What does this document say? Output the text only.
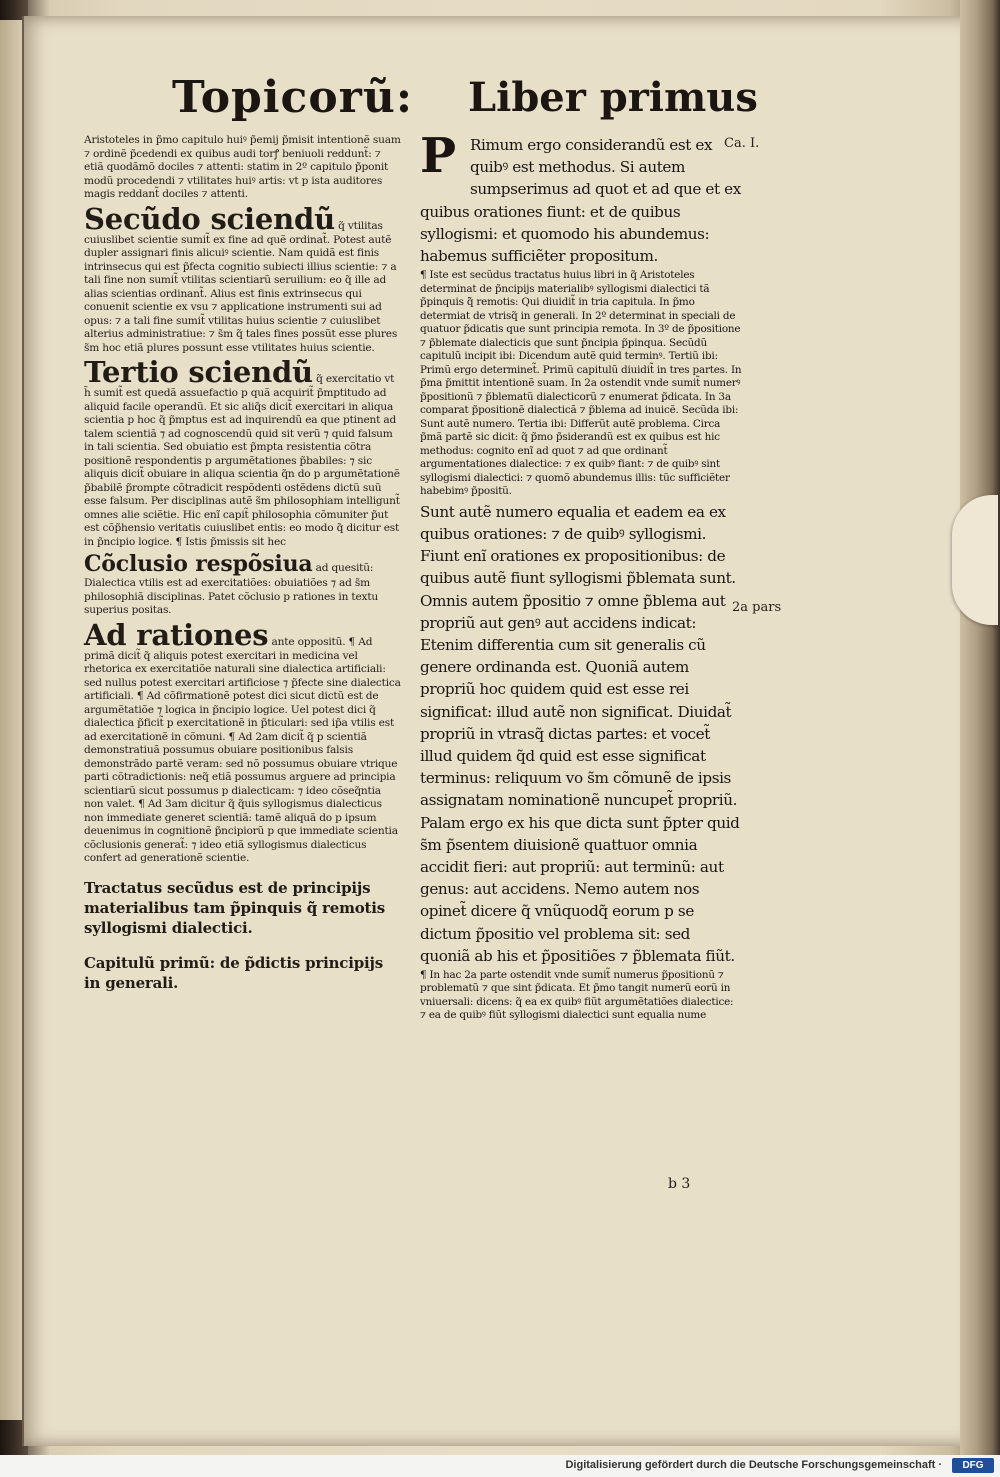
Topicorũ: Liber primus

Aristoteles in p̃mo capitulo huiꝰ p̃emij p̃misit intentionẽ suam ⁊ ordinẽ p̃cedendi ex quibus audi torꝭ beniuoli reddunt̃: ⁊ etiã quodãmõ dociles ⁊ attenti: statim in 2º capitulo p̃ponit modũ procedendi ⁊ vtilitates huiꝰ artis: vt p ista auditores magis reddant̃ dociles ⁊ attenti.

Secũdo sciendũ q̃ vtilitas cuiuslibet scientie sumit̃ ex fine ad quẽ ordinat̃. Potest autẽ dupler assignari finis alicuiꝰ scientie. Nam quidã est finis intrinsecus qui est p̃fecta cognitio subiecti illius scientie: ⁊ a tali fine non sumit̃ vtilitas scientiarũ seruilium: eo q̃ ille ad alias scientias ordinant̃. Alius est finis extrinsecus qui conuenit scientie ex vsu ⁊ applicatione instrumenti sui ad opus: ⁊ a tali fine sumit̃ vtilitas huius scientie ⁊ cuiuslibet alterius administratiue: ⁊ s̃m q̃ tales fines possũt esse plures s̃m hoc etiã plures possunt esse vtilitates huius scientie.

Tertio sciendũ q̃ exercitatio vt h̃ sumit̃ est quedã assuefactio p quã acquirit̃ p̃mptitudo ad aliquid facile operandũ. Et sic aliq̃s dicit̃ exercitari in aliqua scientia p hoc q̃ p̃mptus est ad inquirendũ ea que ptinent ad talem scientiã ⁊ ad cognoscendũ quid sit verũ ⁊ quid falsum in tali scientia. Sed obuiatio est p̃mpta resistentia cõtra positionẽ respondentis p argumẽtationes p̃babiles: ⁊ sic aliquis dicit̃ obuiare in aliqua scientia q̃n do p argumẽtationẽ p̃babilẽ p̃rompte cõtradicit respõdenti ostẽdens dictũ suũ esse falsum. Per disciplinas autẽ s̃m philosophiam intelligunt̃ omnes alie sciẽtie. Hic enĩ capit̃ philosophia cõmuniter p̃ut est cõp̃hensio veritatis cuiuslibet entis: eo modo q̃ dicitur est in p̃ncipio logice. ¶ Istis p̃missis sit hec

Cõclusio respõsiua ad quesitũ: Dialectica vtilis est ad exercitatiões: obuiatiões ⁊ ad s̃m philosophiã disciplinas. Patet cõclusio p rationes in textu superius positas.

Ad rationes ante oppositũ. ¶ Ad primã dicit̃ q̃ aliquis potest exercitari in medicina vel rhetorica ex exercitatiõe naturali sine dialectica artificiali: sed nullus potest exercitari artificiose ⁊ p̃fecte sine dialectica artificiali. ¶ Ad cõfirmationẽ potest dici sicut dictũ est de argumẽtatiõe ⁊ logica in p̃ncipio logice. Uel potest dici q̃ dialectica p̃ficit̃ p exercitationẽ in p̃ticulari: sed ip̃a vtilis est ad exercitationẽ in cõmuni. ¶ Ad 2am dicit̃ q̃ p scientiã demonstratiuã possumus obuiare positionibus falsis demonstrãdo partẽ veram: sed nõ possumus obuiare vtrique parti cõtradictionis: neq̃ etiã possumus arguere ad principia scientiarũ sicut possumus p dialecticam: ⁊ ideo cõseq̃ntia non valet. ¶ Ad 3am dicitur q̃ q̃uis syllogismus dialecticus non immediate generet scientiã: tamẽ aliquã do p ipsum deuenimus in cognitionẽ p̃ncipiorũ p que immediate scientia cõclusionis generat̃: ⁊ ideo etiã syllogismus dialecticus confert ad generationẽ scientie.

Tractatus secũdus est de principijs materialibus tam p̃pinquis q̃̃ remotis syllogismi dialectici.

Capitulũ primũ: de p̃dictis principijs in generali.

P Rimum ergo considerandũ est ex quibꝰ est methodus. Si autem sumpserimus ad quot et ad que et ex quibus orationes fiunt: et de quibus syllogismi: et quomodo his abundemus: habemus sufficiẽter propositum.

¶ Iste est secũdus tractatus huius libri in q̃ Aristoteles determinat de p̃ncipijs materialibꝰ syllogismi dialectici tã p̃pinquis q̃̃ remotis: Qui diuidit̃ in tria capitula. In p̃mo determiat de vtrisq̃ in generali. In 2º determinat in speciali de quatuor p̃dicatis que sunt principia remota. In 3º de p̃positione ⁊ p̃blemate dialecticis que sunt p̃ncipia p̃pinqua. Secũdũ capitulũ incipit ibi: Dicendum autẽ quid terminꝰ. Tertiũ ibi: Primũ ergo determinet̃. Primũ capitulũ diuidit̃ in tres partes. In p̃ma p̃mittit intentionẽ suam. In 2a ostendit vnde sumit̃ numerꝰ p̃positionũ ⁊ p̃blematũ dialecticorũ ⁊ enumerat p̃dicata. In 3a comparat p̃positionẽ dialecticã ⁊ p̃blema ad inuicẽ. Secũda ibi: Sunt autẽ numero. Tertia ibi: Differũt autẽ problema. Circa p̃mã partẽ sic dicit: q̃ p̃mo p̃siderandũ est ex quibus est hic methodus: cognito enĩ ad quot ⁊ ad que ordinant̃ argumentationes dialectice: ⁊ ex quibꝰ fiant: ⁊ de quibꝰ sint syllogismi dialectici: ⁊ quomõ abundemus illis: tũc sufficiẽter habebimꝰ p̃positũ.

Sunt autẽ numero equalia et eadem ea ex quibus orationes: ⁊ de quibꝰ syllogismi. Fiunt enĩ orationes ex propositionibus: de quibus autẽ fiunt syllogismi p̃blemata sunt. Omnis autem p̃positio ⁊ omne p̃blema aut propriũ aut genꝰ aut accidens indicat: Etenim differentia cum sit generalis cũ genere ordinanda est. Quoniã autem propriũ hoc quidem quid est esse rei significat: illud autẽ non significat. Diuidat̃ propriũ in vtrasq̃ dictas partes: et vocet̃ illud quidem q̃d quid est esse significat terminus: reliquum vo s̃m cõmunẽ de ipsis assignatam nominationẽ nuncupet̃ propriũ. Palam ergo ex his que dicta sunt p̃pter quid s̃m p̃sentem diuisionẽ quattuor omnia accidit fieri: aut propriũ: aut terminũ: aut genus: aut accidens. Nemo autem nos opinet̃ dicere q̃ vnũquodq̃ eorum p se dictum p̃positio vel problema sit: sed quoniã ab his et p̃positiões ⁊ p̃blemata fiũt.

¶ In hac 2a parte ostendit vnde sumit̃ numerus p̃positionũ ⁊ problematũ ⁊ que sint p̃dicata. Et p̃mo tangit numerũ eorũ in vniuersali: dicens: q̃ ea ex quibꝰ fiũt argumẽtatiões dialectice: ⁊ ea de quibꝰ fiũt syllogismi dialectici sunt equalia nume

Ca. I.
2a pars
b 3
Digitalisierung gefördert durch die Deutsche Forschungsgemeinschaft ·	DFG
